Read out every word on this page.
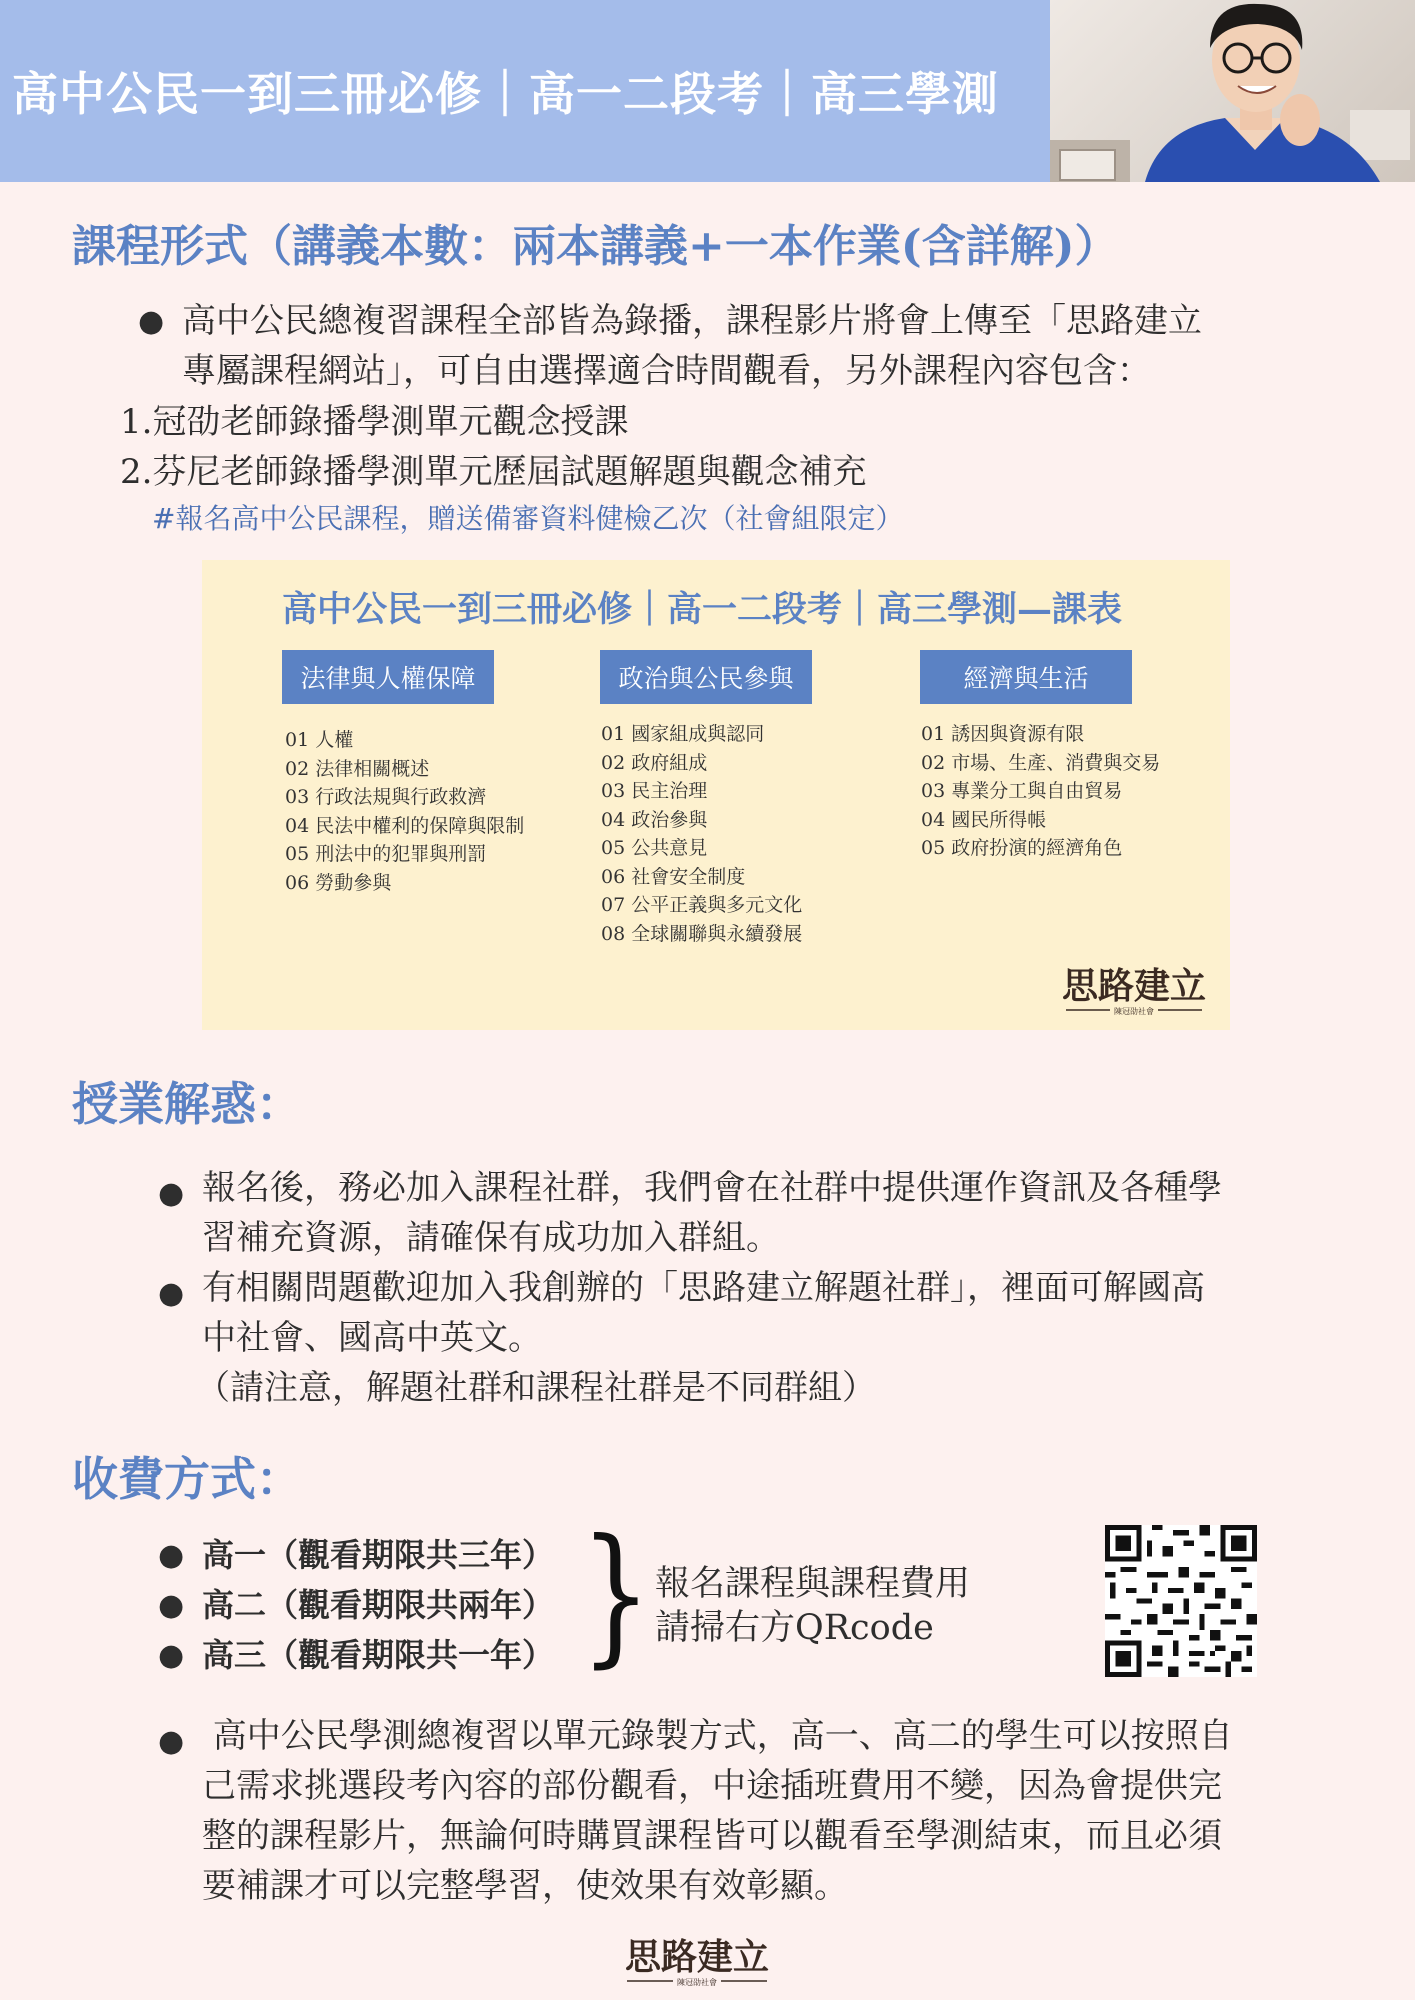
高中公民一到三冊必修｜高一二段考｜高三學測
課程形式（講義本數：兩本講義+一本作業(含詳解)）
● 高中公民總複習課程全部皆為錄播，課程影片將會上傳至「思路建立
專屬課程網站」，可自由選擇適合時間觀看，另外課程內容包含：
1.冠劭老師錄播學測單元觀念授課
2.芬尼老師錄播學測單元歷屆試題解題與觀念補充
#報名高中公民課程，贈送備審資料健檢乙次（社會組限定）
高中公民一到三冊必修｜高一二段考｜高三學測—課表
法律與人權保障	政治與公民參與	經濟與生活
01 人權
02 法律相關概述
03 行政法規與行政救濟
04 民法中權利的保障與限制
05 刑法中的犯罪與刑罰
06 勞動參與
01 國家組成與認同
02 政府組成
03 民主治理
04 政治參與
05 公共意見
06 社會安全制度
07 公平正義與多元文化
08 全球關聯與永續發展
01 誘因與資源有限
02 市場、生產、消費與交易
03 專業分工與自由貿易
04 國民所得帳
05 政府扮演的經濟角色
思路建立
陳冠劭社會
授業解惑：
● 報名後，務必加入課程社群，我們會在社群中提供運作資訊及各種學
習補充資源，請確保有成功加入群組。
● 有相關問題歡迎加入我創辦的「思路建立解題社群」，裡面可解國高
中社會、國高中英文。
（請注意，解題社群和課程社群是不同群組）
收費方式：
● 高一（觀看期限共三年）
● 高二（觀看期限共兩年）
● 高三（觀看期限共一年） } 報名課程與課程費用
請掃右方QRcode
● 高中公民學測總複習以單元錄製方式，高一、高二的學生可以按照自
己需求挑選段考內容的部份觀看，中途插班費用不變，因為會提供完
整的課程影片，無論何時購買課程皆可以觀看至學測結束，而且必須
要補課才可以完整學習，使效果有效彰顯。
思路建立
陳冠劭社會
